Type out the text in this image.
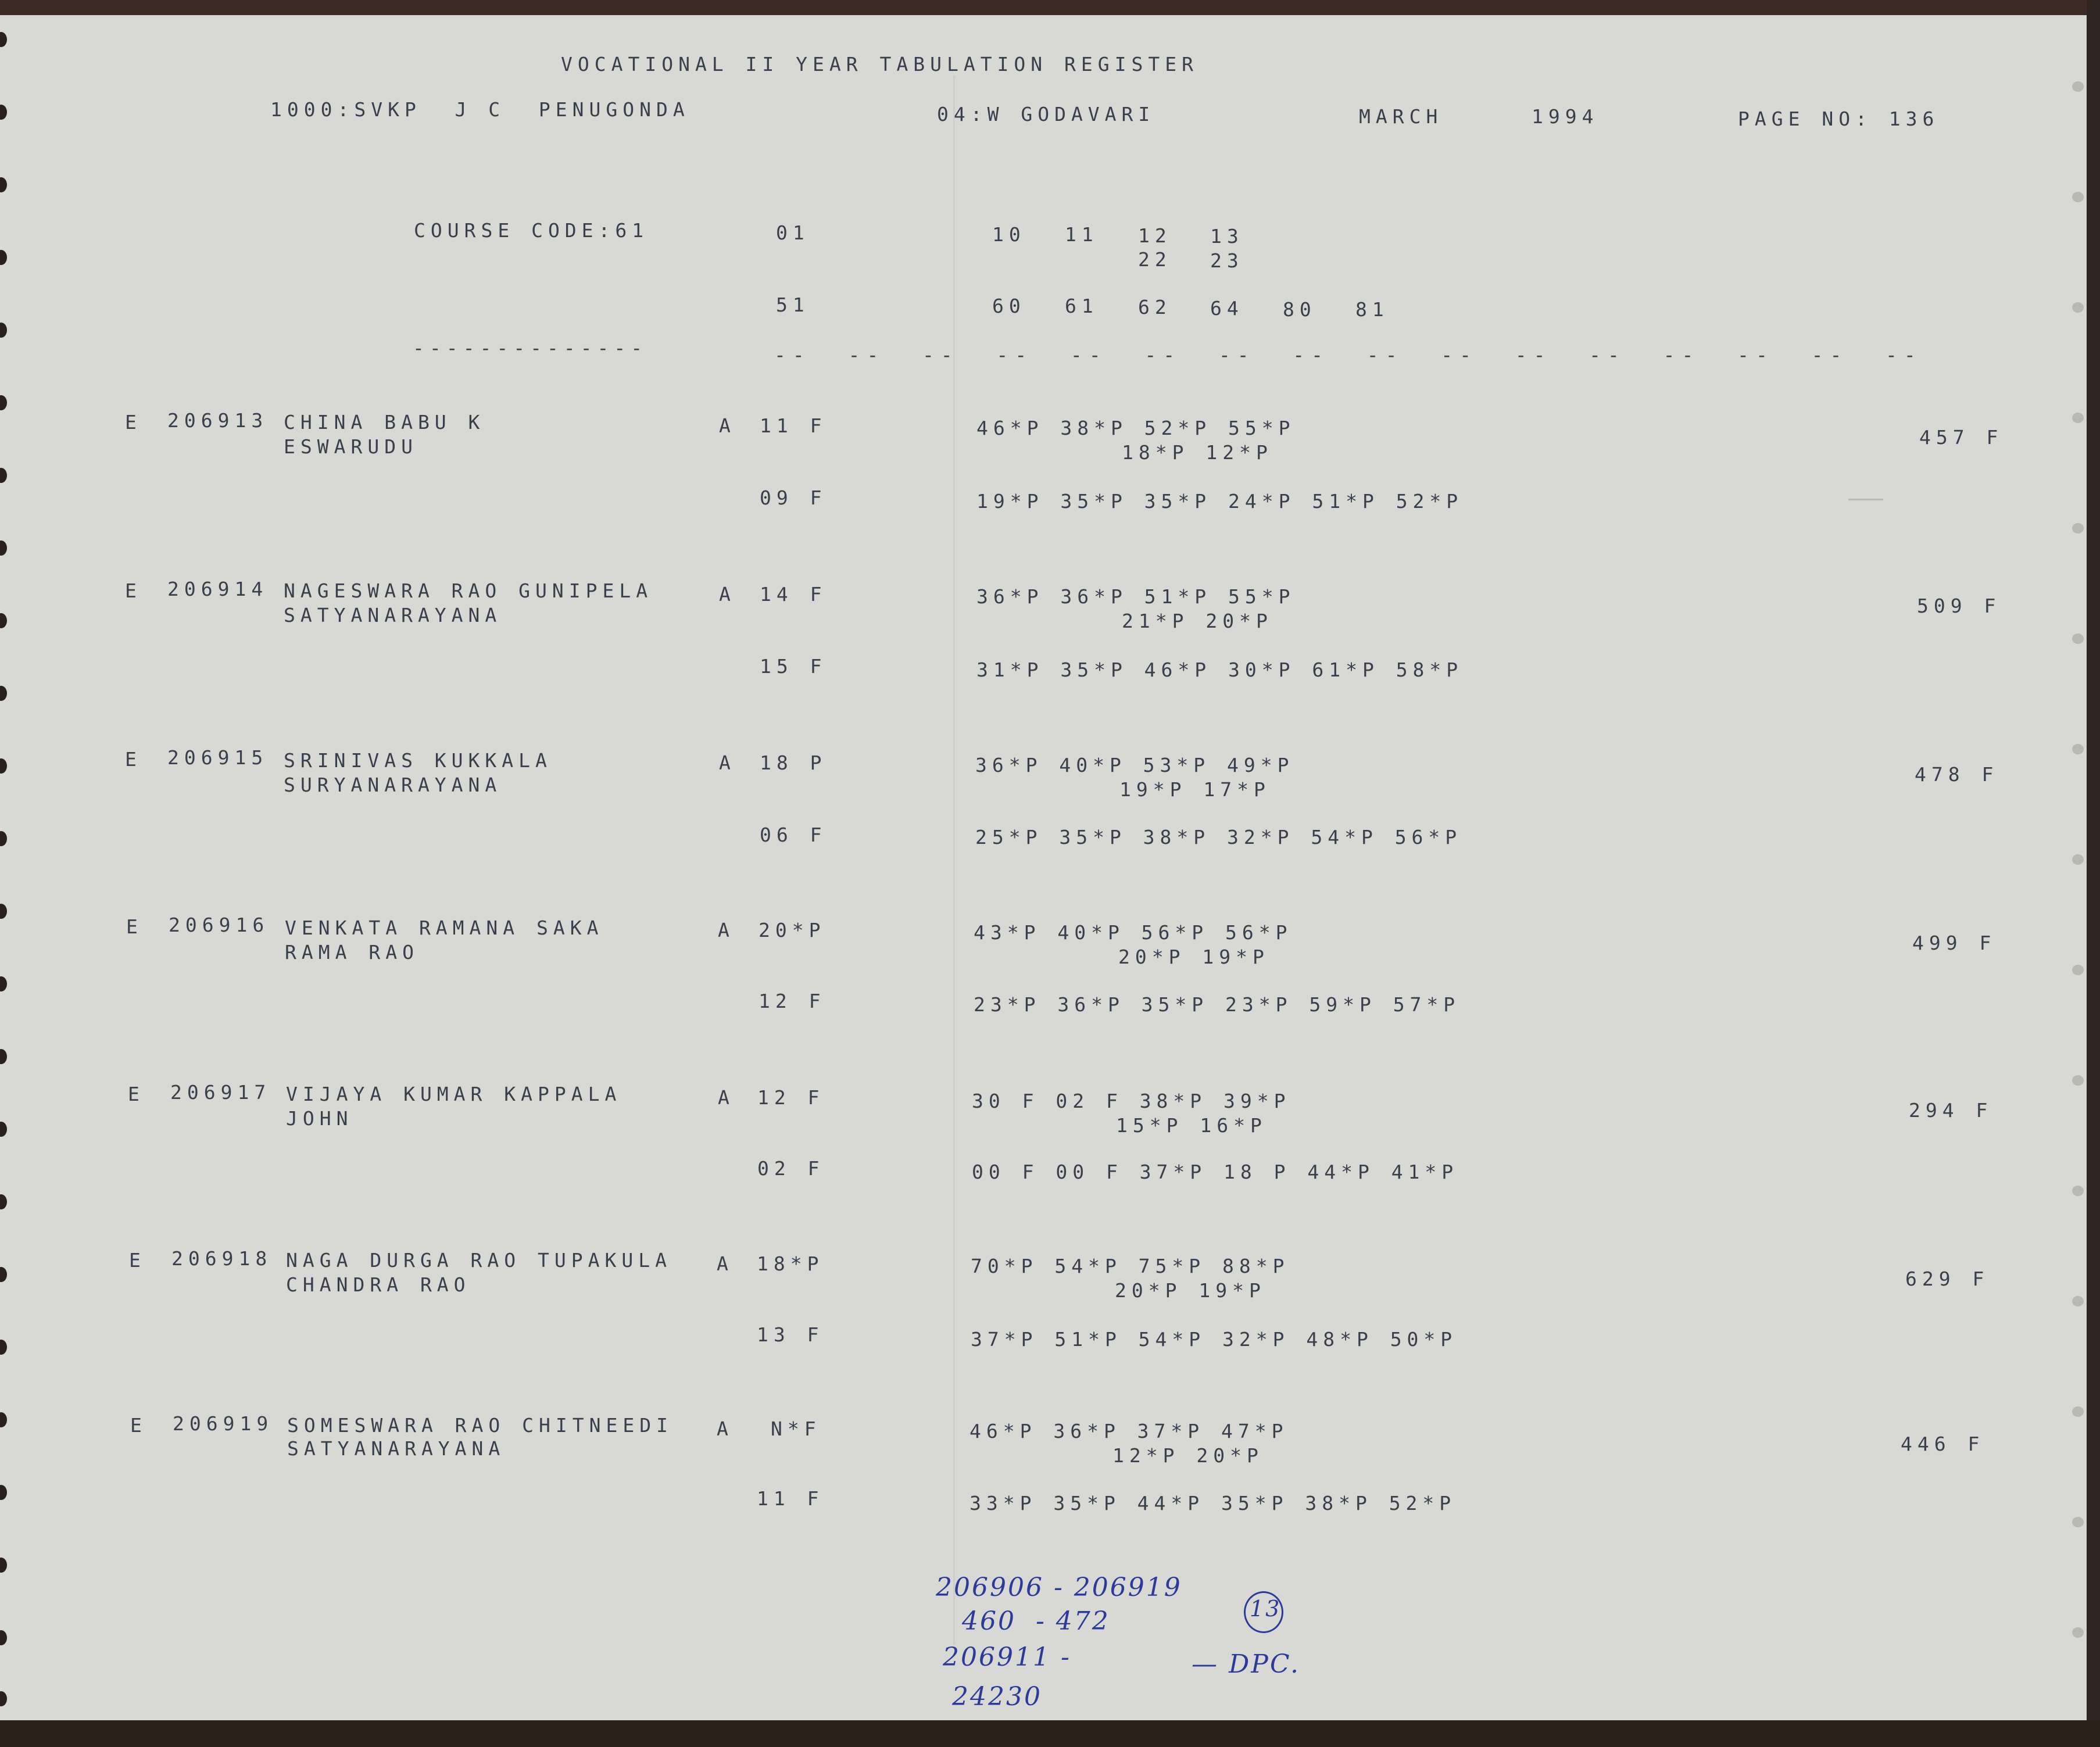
VOCATIONAL II YEAR TABULATION REGISTER
1000:SVKP  J C  PENUGONDA	04:W GODAVARI	MARCH	1994	PAGE NO: 136
COURSE CODE:61	01	10 11 12 13
22 23
51	60 61 62 64 80 81
--------------	--  --  --  --  --  --  --  --  --  --  --  --  --  --  --  --
E 206913 CHINA BABU K
ESWARUDU
A 11 F	46*P 38*P 52*P 55*P
18*P 12*P
09 F	19*P 35*P 35*P 24*P 51*P 52*P
457 F
E 206914 NAGESWARA RAO GUNIPELA
SATYANARAYANA
A 14 F	36*P 36*P 51*P 55*P
21*P 20*P
15 F	31*P 35*P 46*P 30*P 61*P 58*P
509 F
E 206915 SRINIVAS KUKKALA
SURYANARAYANA
A 18 P	36*P 40*P 53*P 49*P
19*P 17*P
06 F	25*P 35*P 38*P 32*P 54*P 56*P
478 F
E 206916 VENKATA RAMANA SAKA
RAMA RAO
A 20*P	43*P 40*P 56*P 56*P
20*P 19*P
12 F	23*P 36*P 35*P 23*P 59*P 57*P
499 F
E 206917 VIJAYA KUMAR KAPPALA
JOHN
A 12 F	30 F 02 F 38*P 39*P
15*P 16*P
02 F	00 F 00 F 37*P 18 P 44*P 41*P
294 F
E 206918 NAGA DURGA RAO TUPAKULA
CHANDRA RAO
A 18*P	70*P 54*P 75*P 88*P
20*P 19*P
13 F	37*P 51*P 54*P 32*P 48*P 50*P
629 F
E 206919 SOMESWARA RAO CHITNEEDI
SATYANARAYANA
A N*F	46*P 36*P 37*P 47*P
12*P 20*P
11 F	33*P 35*P 44*P 35*P 38*P 52*P
446 F
206906 - 206919
460  - 472
206911 -
24230
13
— DPC.
